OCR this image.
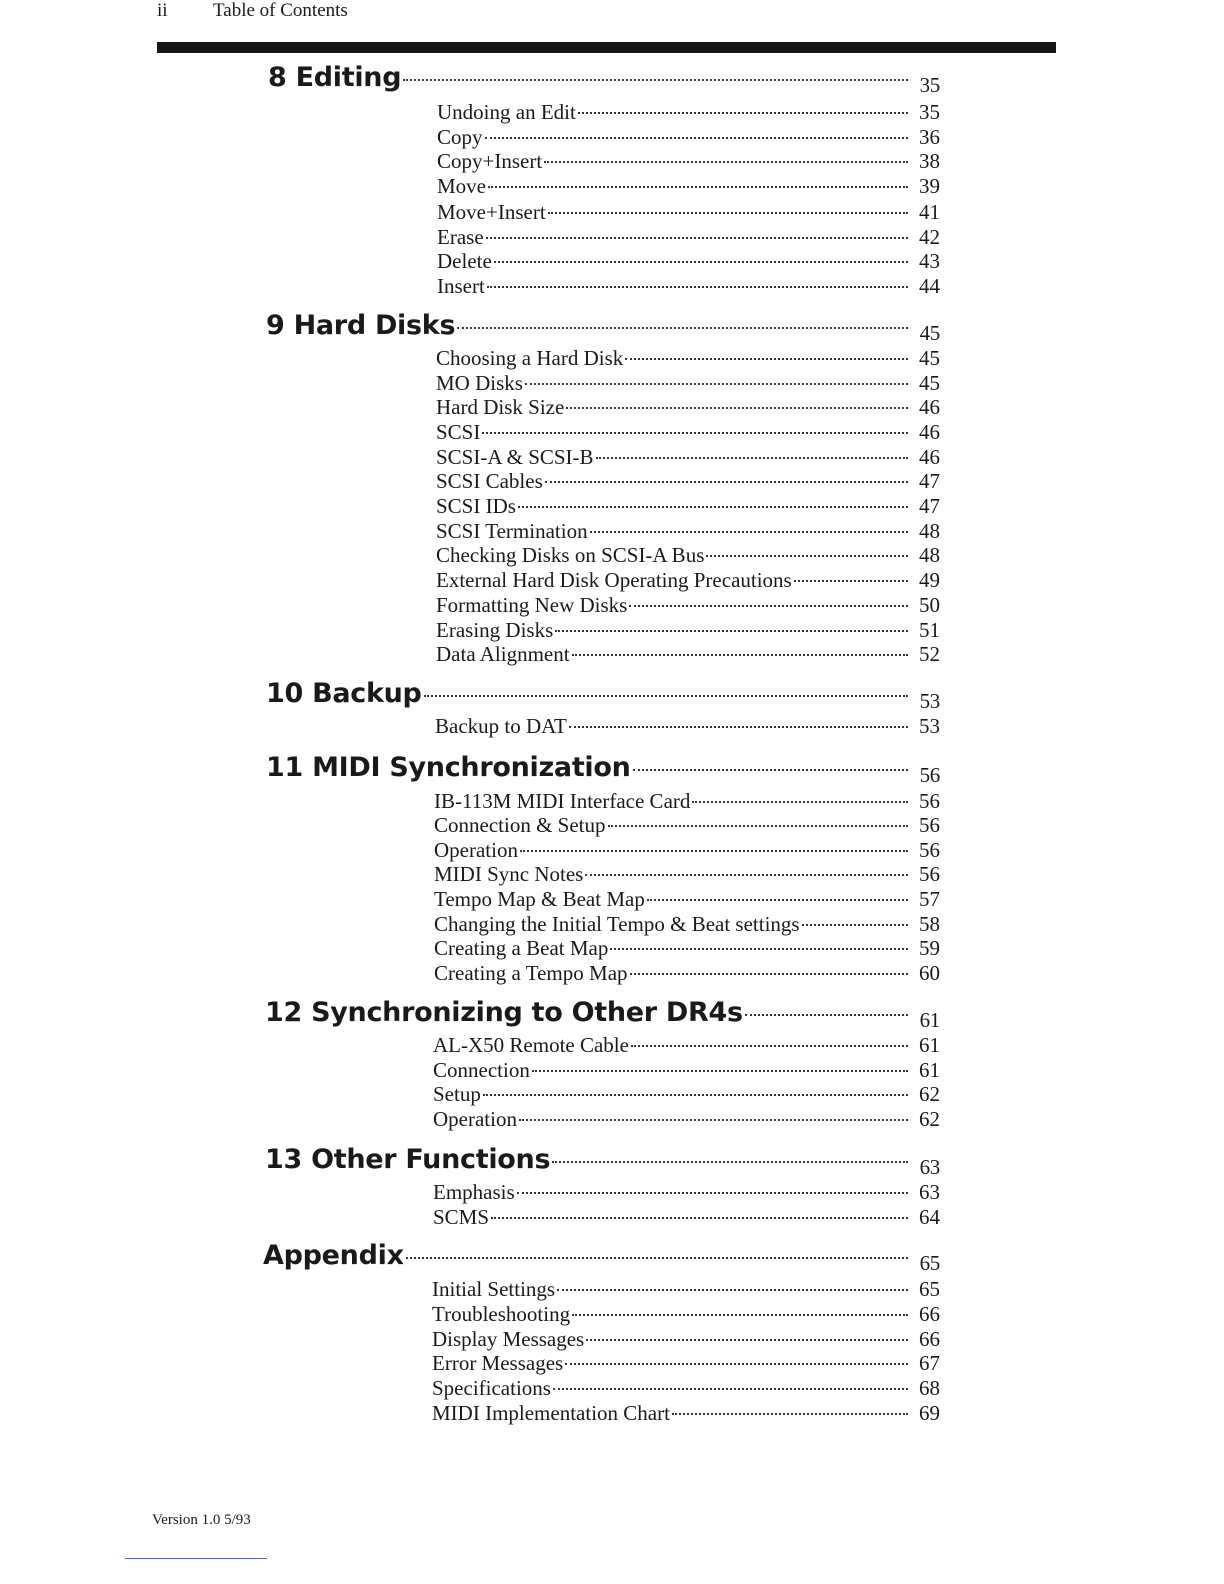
ii Table of Contents
8 Editing	35
Undoing an Edit	35
Copy	36
Copy+Insert	38
Move	39
Move+Insert	41
Erase	42
Delete	43
Insert	44
9 Hard Disks	45
Choosing a Hard Disk	45
MO Disks	45
Hard Disk Size	46
SCSI	46
SCSI-A & SCSI-B	46
SCSI Cables	47
SCSI IDs	47
SCSI Termination	48
Checking Disks on SCSI-A Bus	48
External Hard Disk Operating Precautions	49
Formatting New Disks	50
Erasing Disks	51
Data Alignment	52
10 Backup	53
Backup to DAT	53
11 MIDI Synchronization	56
IB-113M MIDI Interface Card	56
Connection & Setup	56
Operation	56
MIDI Sync Notes	56
Tempo Map & Beat Map	57
Changing the Initial Tempo & Beat settings	58
Creating a Beat Map	59
Creating a Tempo Map	60
12 Synchronizing to Other DR4s	61
AL-X50 Remote Cable	61
Connection	61
Setup	62
Operation	62
13 Other Functions	63
Emphasis	63
SCMS	64
Appendix	65
Initial Settings	65
Troubleshooting	66
Display Messages	66
Error Messages	67
Specifications	68
MIDI Implementation Chart	69
Version 1.0 5/93
